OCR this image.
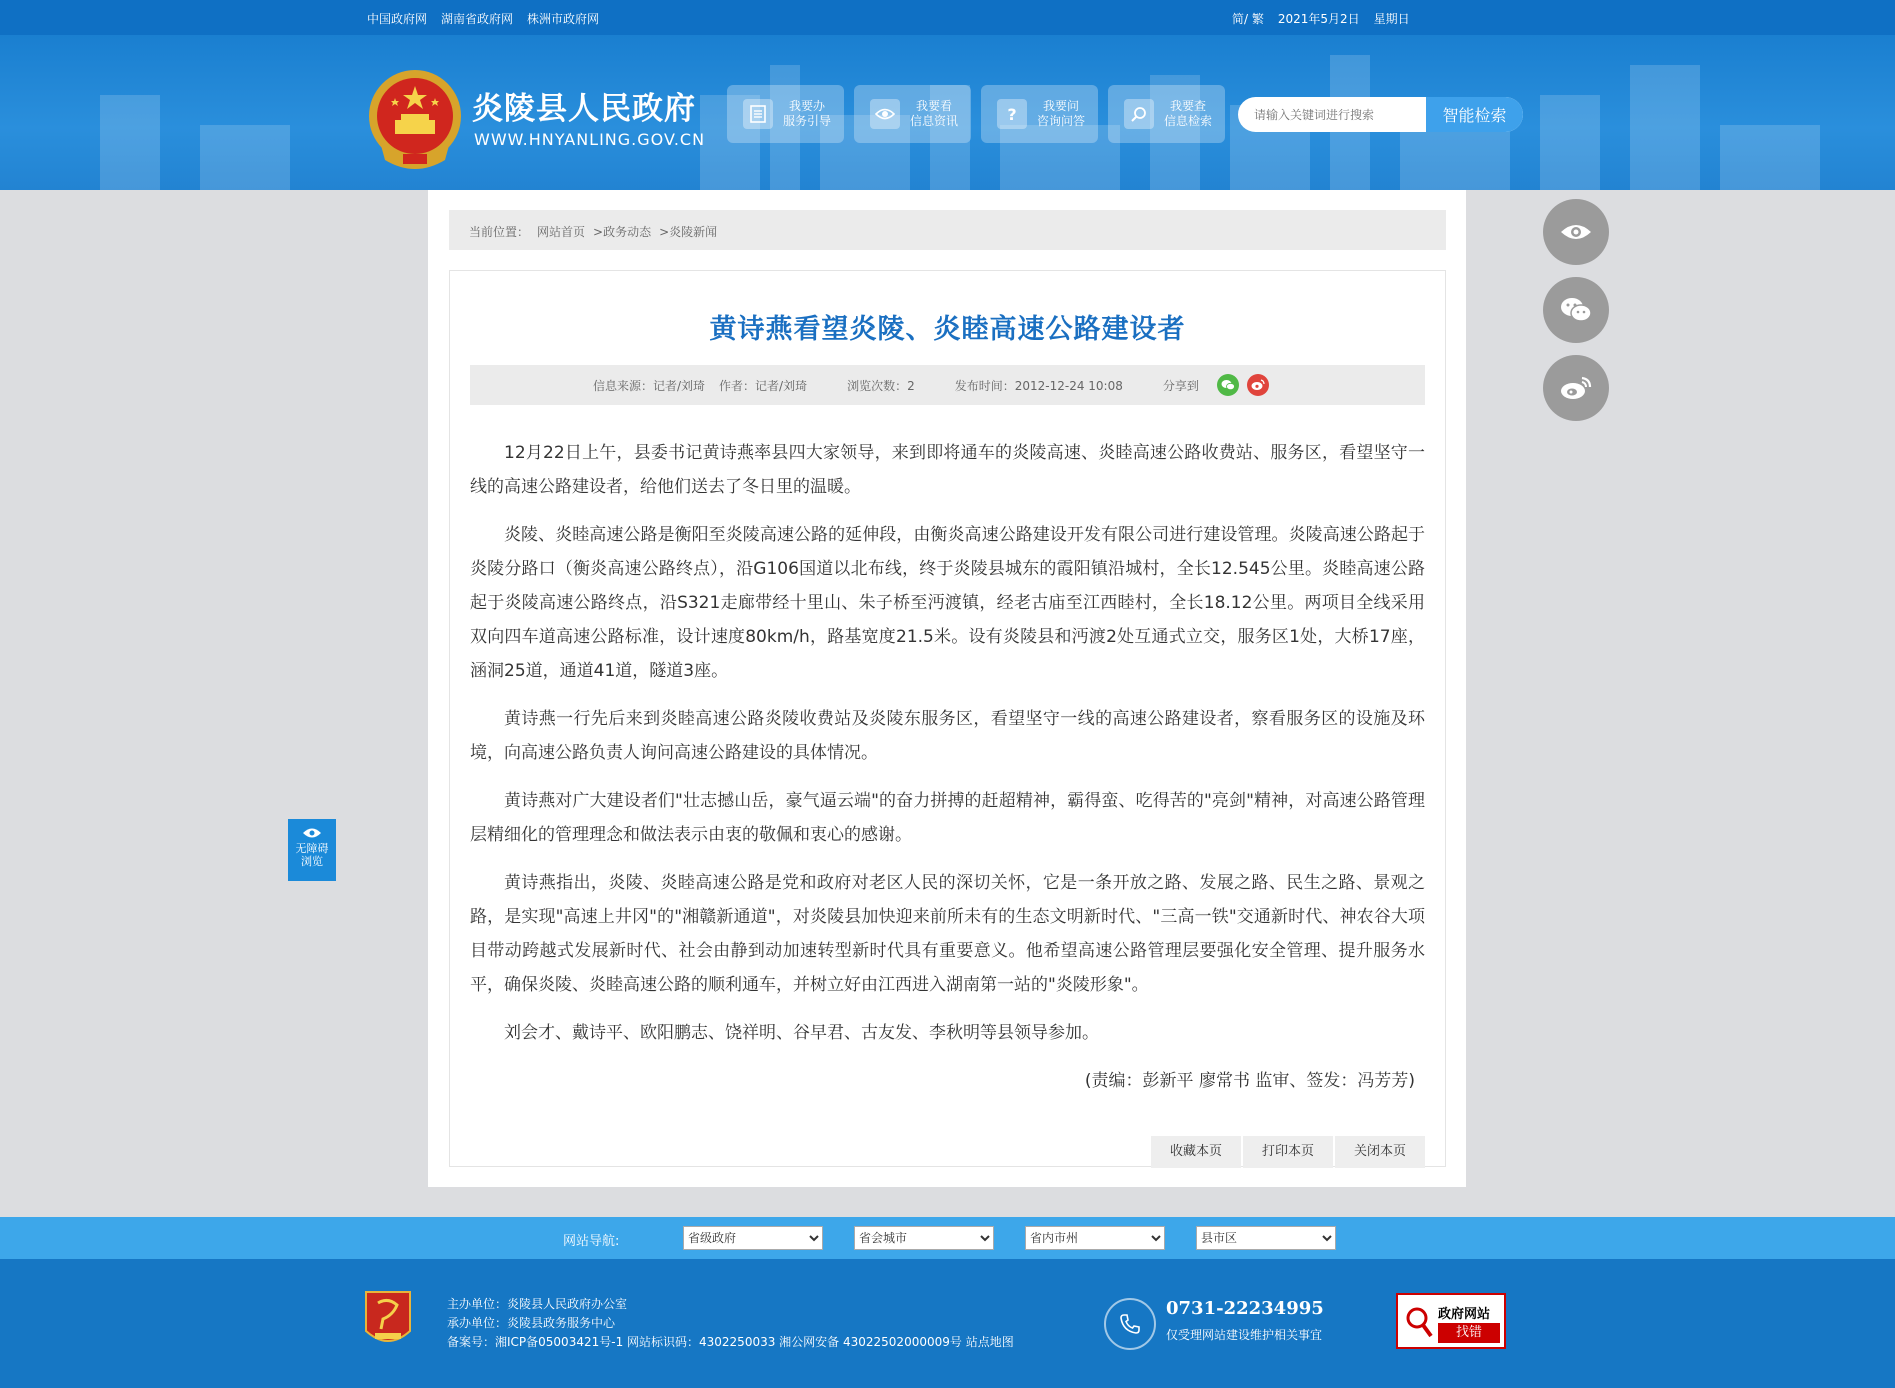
中国政府网 湖南省政府网 株洲市政府网	简/ 繁 2021年5月2日 星期日
炎陵县人民政府
WWW.HNYANLING.GOV.CN
我要办
服务引导
我要看
信息资讯	?	我要问
咨询问答
我要查
信息检索
请输入关键词进行搜索	智能检索
当前位置： 网站首页 >政务动态 >炎陵新闻
黄诗燕看望炎陵、炎睦高速公路建设者
信息来源：记者/刘琦 作者：记者/刘琦	浏览次数：2	发布时间：2012-12-24 10:08	分享到

12月22日上午，县委书记黄诗燕率县四大家领导，来到即将通车的炎陵高速、炎睦高速公路收费站、服务区，看望坚守一线的高速公路建设者，给他们送去了冬日里的温暖。

炎陵、炎睦高速公路是衡阳至炎陵高速公路的延伸段，由衡炎高速公路建设开发有限公司进行建设管理。炎陵高速公路起于炎陵分路口（衡炎高速公路终点），沿G106国道以北布线，终于炎陵县城东的霞阳镇沿城村，全长12.545公里。炎睦高速公路起于炎陵高速公路终点，沿S321走廊带经十里山、朱子桥至沔渡镇，经老古庙至江西睦村，全长18.12公里。两项目全线采用双向四车道高速公路标准，设计速度80km/h，路基宽度21.5米。设有炎陵县和沔渡2处互通式立交，服务区1处，大桥17座，涵洞25道，通道41道，隧道3座。

黄诗燕一行先后来到炎睦高速公路炎陵收费站及炎陵东服务区，看望坚守一线的高速公路建设者，察看服务区的设施及环境，向高速公路负责人询问高速公路建设的具体情况。

黄诗燕对广大建设者们"壮志撼山岳，豪气逼云端"的奋力拼搏的赶超精神，霸得蛮、吃得苦的"亮剑"精神，对高速公路管理层精细化的管理理念和做法表示由衷的敬佩和衷心的感谢。

黄诗燕指出，炎陵、炎睦高速公路是党和政府对老区人民的深切关怀，它是一条开放之路、发展之路、民生之路、景观之路，是实现"高速上井冈"的"湘赣新通道"，对炎陵县加快迎来前所未有的生态文明新时代、"三高一铁"交通新时代、神农谷大项目带动跨越式发展新时代、社会由静到动加速转型新时代具有重要意义。他希望高速公路管理层要强化安全管理、提升服务水平，确保炎陵、炎睦高速公路的顺利通车，并树立好由江西进入湖南第一站的"炎陵形象"。

刘会才、戴诗平、欧阳鹏志、饶祥明、谷早君、古友发、李秋明等县领导参加。

(责编：彭新平 廖常书 监审、签发：冯芳芳)
收藏本页	打印本页	关闭本页
无障碍
浏览
网站导航:
省级政府
省会城市
省内市州
县市区
主办单位：炎陵县人民政府办公室
承办单位：炎陵县政务服务中心
备案号：湘ICP备05003421号-1 网站标识码：4302250033 湘公网安备 43022502000009号 站点地图
0731-22234995
仅受理网站建设维护相关事宜
政府网站
找错
